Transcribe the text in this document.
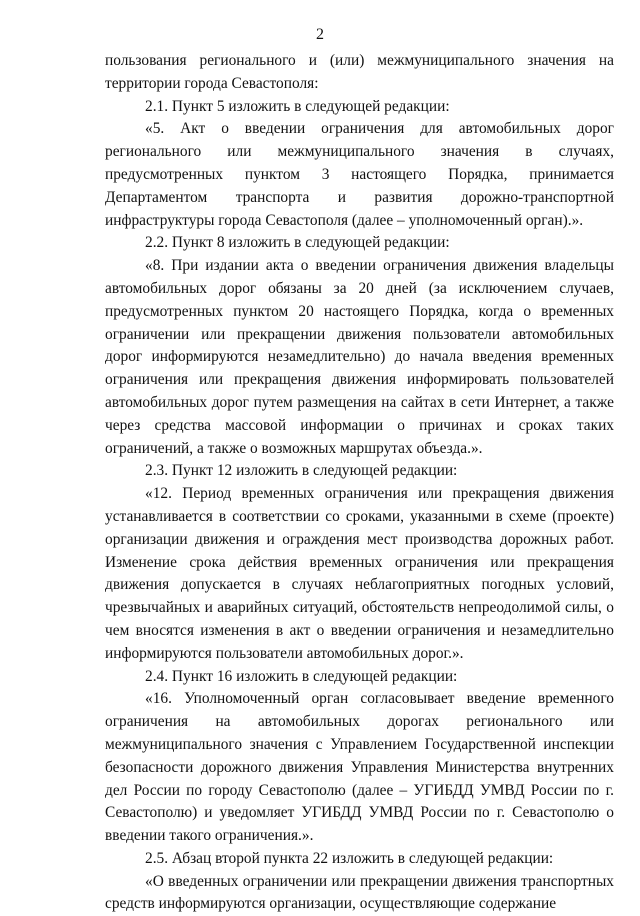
2

пользования регионального и (или) межмуниципального значения на территории города Севастополя:

2.1. Пункт 5 изложить в следующей редакции:

«5. Акт о введении ограничения для автомобильных дорог регионального или межмуниципального значения в случаях, предусмотренных пунктом 3 настоящего Порядка, принимается Департаментом транспорта и развития дорожно-транспортной инфраструктуры города Севастополя (далее – уполномоченный орган).».

2.2. Пункт 8 изложить в следующей редакции:

«8. При издании акта о введении ограничения движения владельцы автомобильных дорог обязаны за 20 дней (за исключением случаев, предусмотренных пунктом 20 настоящего Порядка, когда о временных ограничении или прекращении движения пользователи автомобильных дорог информируются незамедлительно) до начала введения временных ограничения или прекращения движения информировать пользователей автомобильных дорог путем размещения на сайтах в сети Интернет, а также через средства массовой информации о причинах и сроках таких ограничений, а также о возможных маршрутах объезда.».

2.3. Пункт 12 изложить в следующей редакции:

«12. Период временных ограничения или прекращения движения устанавливается в соответствии со сроками, указанными в схеме (проекте) организации движения и ограждения мест производства дорожных работ. Изменение срока действия временных ограничения или прекращения движения допускается в случаях неблагоприятных погодных условий, чрезвычайных и аварийных ситуаций, обстоятельств непреодолимой силы, о чем вносятся изменения в акт о введении ограничения и незамедлительно информируются пользователи автомобильных дорог.».

2.4. Пункт 16 изложить в следующей редакции:

«16. Уполномоченный орган согласовывает введение временного ограничения на автомобильных дорогах регионального или межмуниципального значения с Управлением Государственной инспекции безопасности дорожного движения Управления Министерства внутренних дел России по городу Севастополю (далее – УГИБДД УМВД России по г. Севастополю) и уведомляет УГИБДД УМВД России по г. Севастополю о введении такого ограничения.».

2.5. Абзац второй пункта 22 изложить в следующей редакции:

«О введенных ограничении или прекращении движения транспортных средств информируются организации, осуществляющие содержание
